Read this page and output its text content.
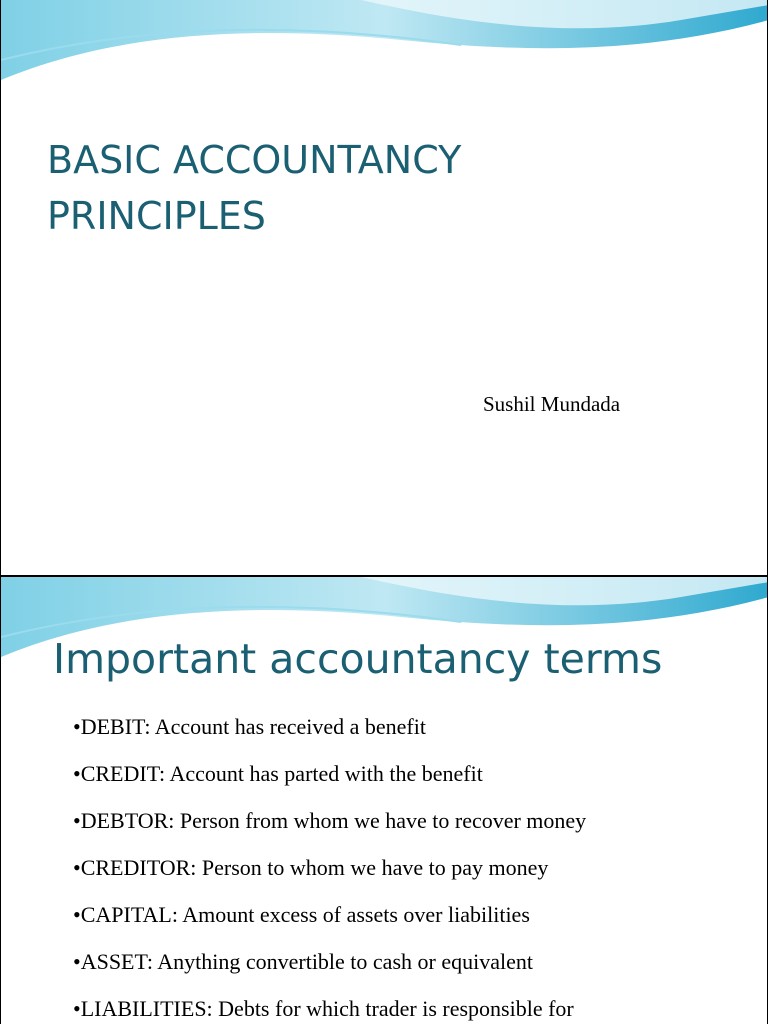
BASIC ACCOUNTANCY
PRINCIPLES
Sushil Mundada
Important accountancy terms
•DEBIT: Account has received a benefit
•CREDIT: Account has parted with the benefit
•DEBTOR: Person from whom we have to recover money
•CREDITOR: Person to whom we have to pay money
•CAPITAL: Amount excess of assets over liabilities
•ASSET: Anything convertible to cash or equivalent
•LIABILITIES: Debts for which trader is responsible for
